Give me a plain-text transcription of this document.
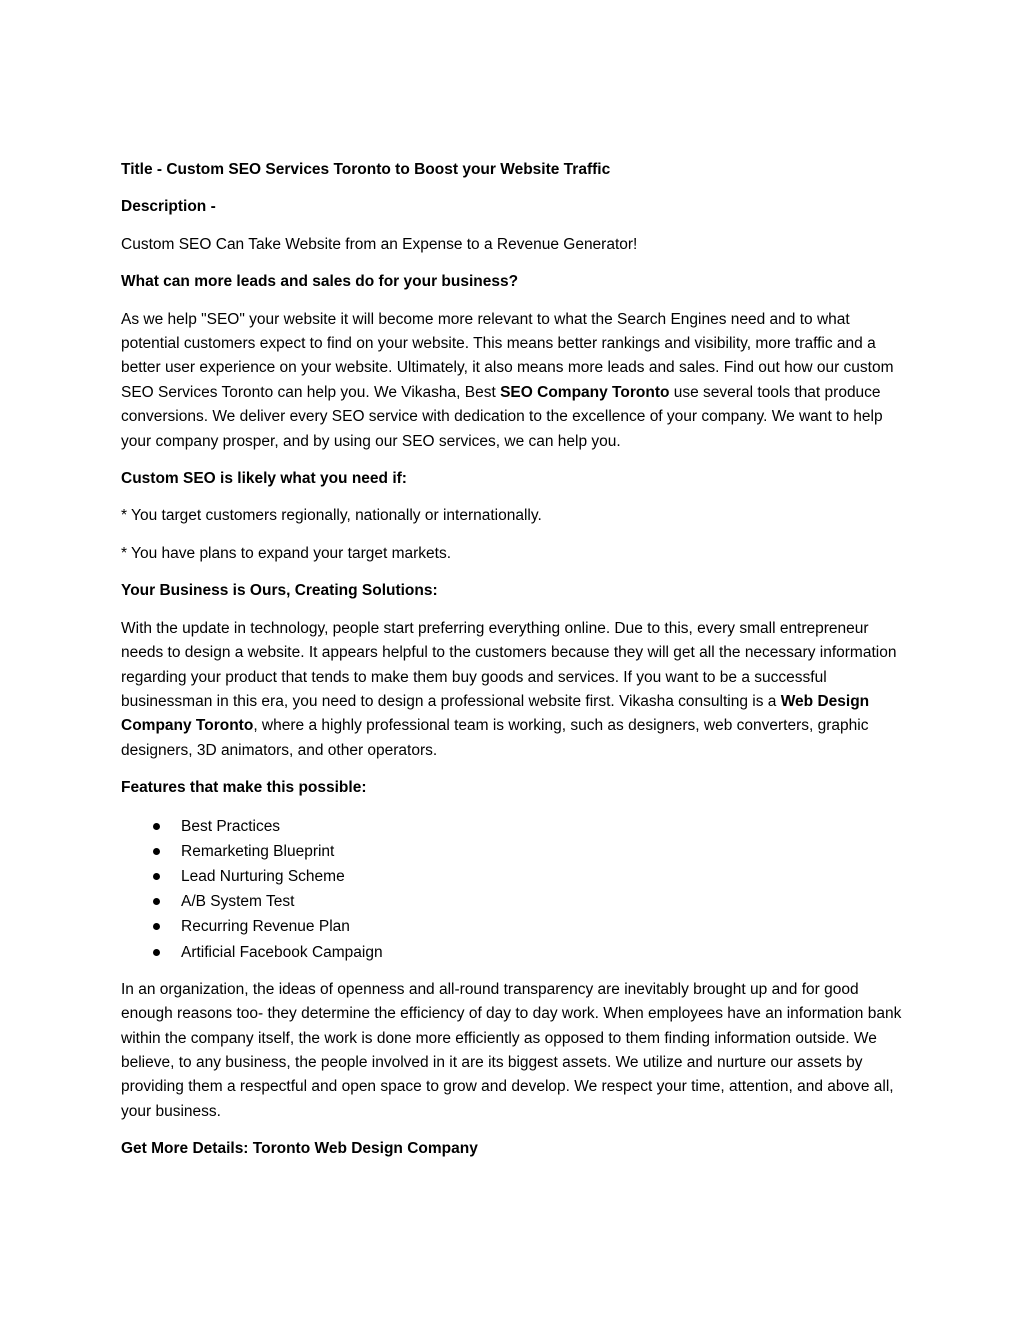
Title - Custom SEO Services Toronto to Boost your Website Traffic

Description -

Custom SEO Can Take Website from an Expense to a Revenue Generator!

What can more leads and sales do for your business?

As we help "SEO" your website it will become more relevant to what the Search Engines need and to what potential customers expect to find on your website. This means better rankings and visibility, more traffic and a better user experience on your website. Ultimately, it also means more leads and sales. Find out how our custom SEO Services Toronto can help you. We Vikasha, Best SEO Company Toronto use several tools that produce conversions. We deliver every SEO service with dedication to the excellence of your company. We want to help your company prosper, and by using our SEO services, we can help you.

Custom SEO is likely what you need if:

* You target customers regionally, nationally or internationally.

* You have plans to expand your target markets.

Your Business is Ours, Creating Solutions:

With the update in technology, people start preferring everything online. Due to this, every small entrepreneur needs to design a website. It appears helpful to the customers because they will get all the necessary information regarding your product that tends to make them buy goods and services. If you want to be a successful businessman in this era, you need to design a professional website first. Vikasha consulting is a Web Design Company Toronto, where a highly professional team is working, such as designers, web converters, graphic designers, 3D animators, and other operators.

Features that make this possible:

Best Practices
Remarketing Blueprint
Lead Nurturing Scheme
A/B System Test
Recurring Revenue Plan
Artificial Facebook Campaign

In an organization, the ideas of openness and all-round transparency are inevitably brought up and for good enough reasons too- they determine the efficiency of day to day work. When employees have an information bank within the company itself, the work is done more efficiently as opposed to them finding information outside. We believe, to any business, the people involved in it are its biggest assets. We utilize and nurture our assets by providing them a respectful and open space to grow and develop. We respect your time, attention, and above all, your business.

Get More Details: Toronto Web Design Company
